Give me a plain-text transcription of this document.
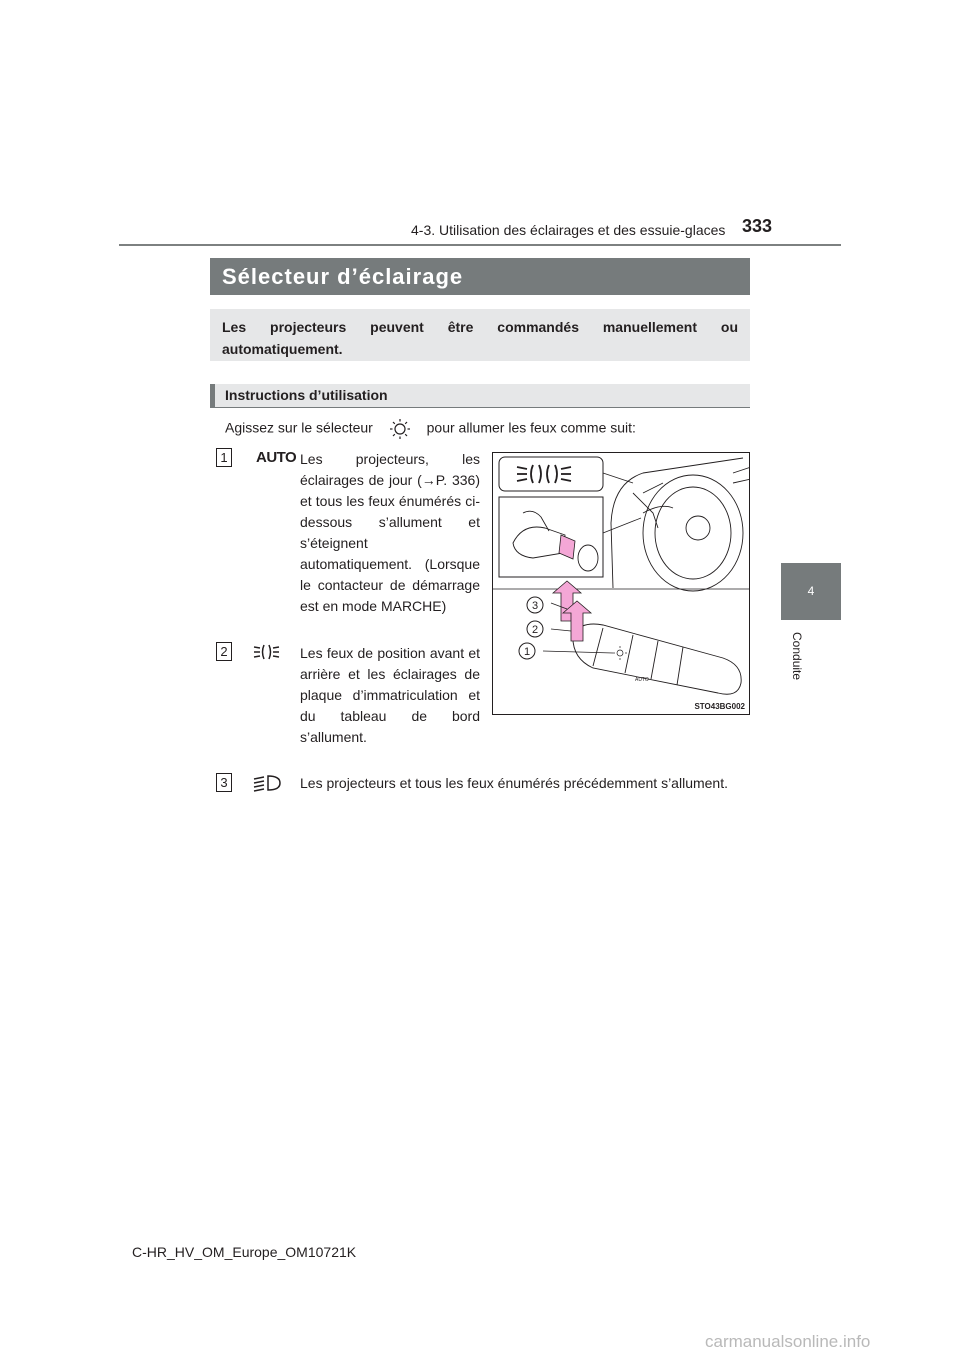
4-3. Utilisation des éclairages et des essuie-glaces 333
4
Conduite
Sélecteur d’éclairage
Les projecteurs peuvent être commandés manuellement ou automatiquement.
Instructions d’utilisation
Agissez sur le sélecteur	pour allumer les feux comme suit:
1 AUTO Les projecteurs, les éclairages de jour (→P. 336) et tous les feux énumérés ci-dessous s’allument et s’éteignent automatiquement. (Lorsque le contacteur de démarrage est en mode MARCHE)
2	Les feux de position avant et arrière et les éclairages de plaque d’immatriculation et du tableau de bord s’allument.
3	Les projecteurs et tous les feux énumérés précédemment s’allument.
AUTO
3
2
1
STO43BG002
C-HR_HV_OM_Europe_OM10721K
carmanualsonline.info
